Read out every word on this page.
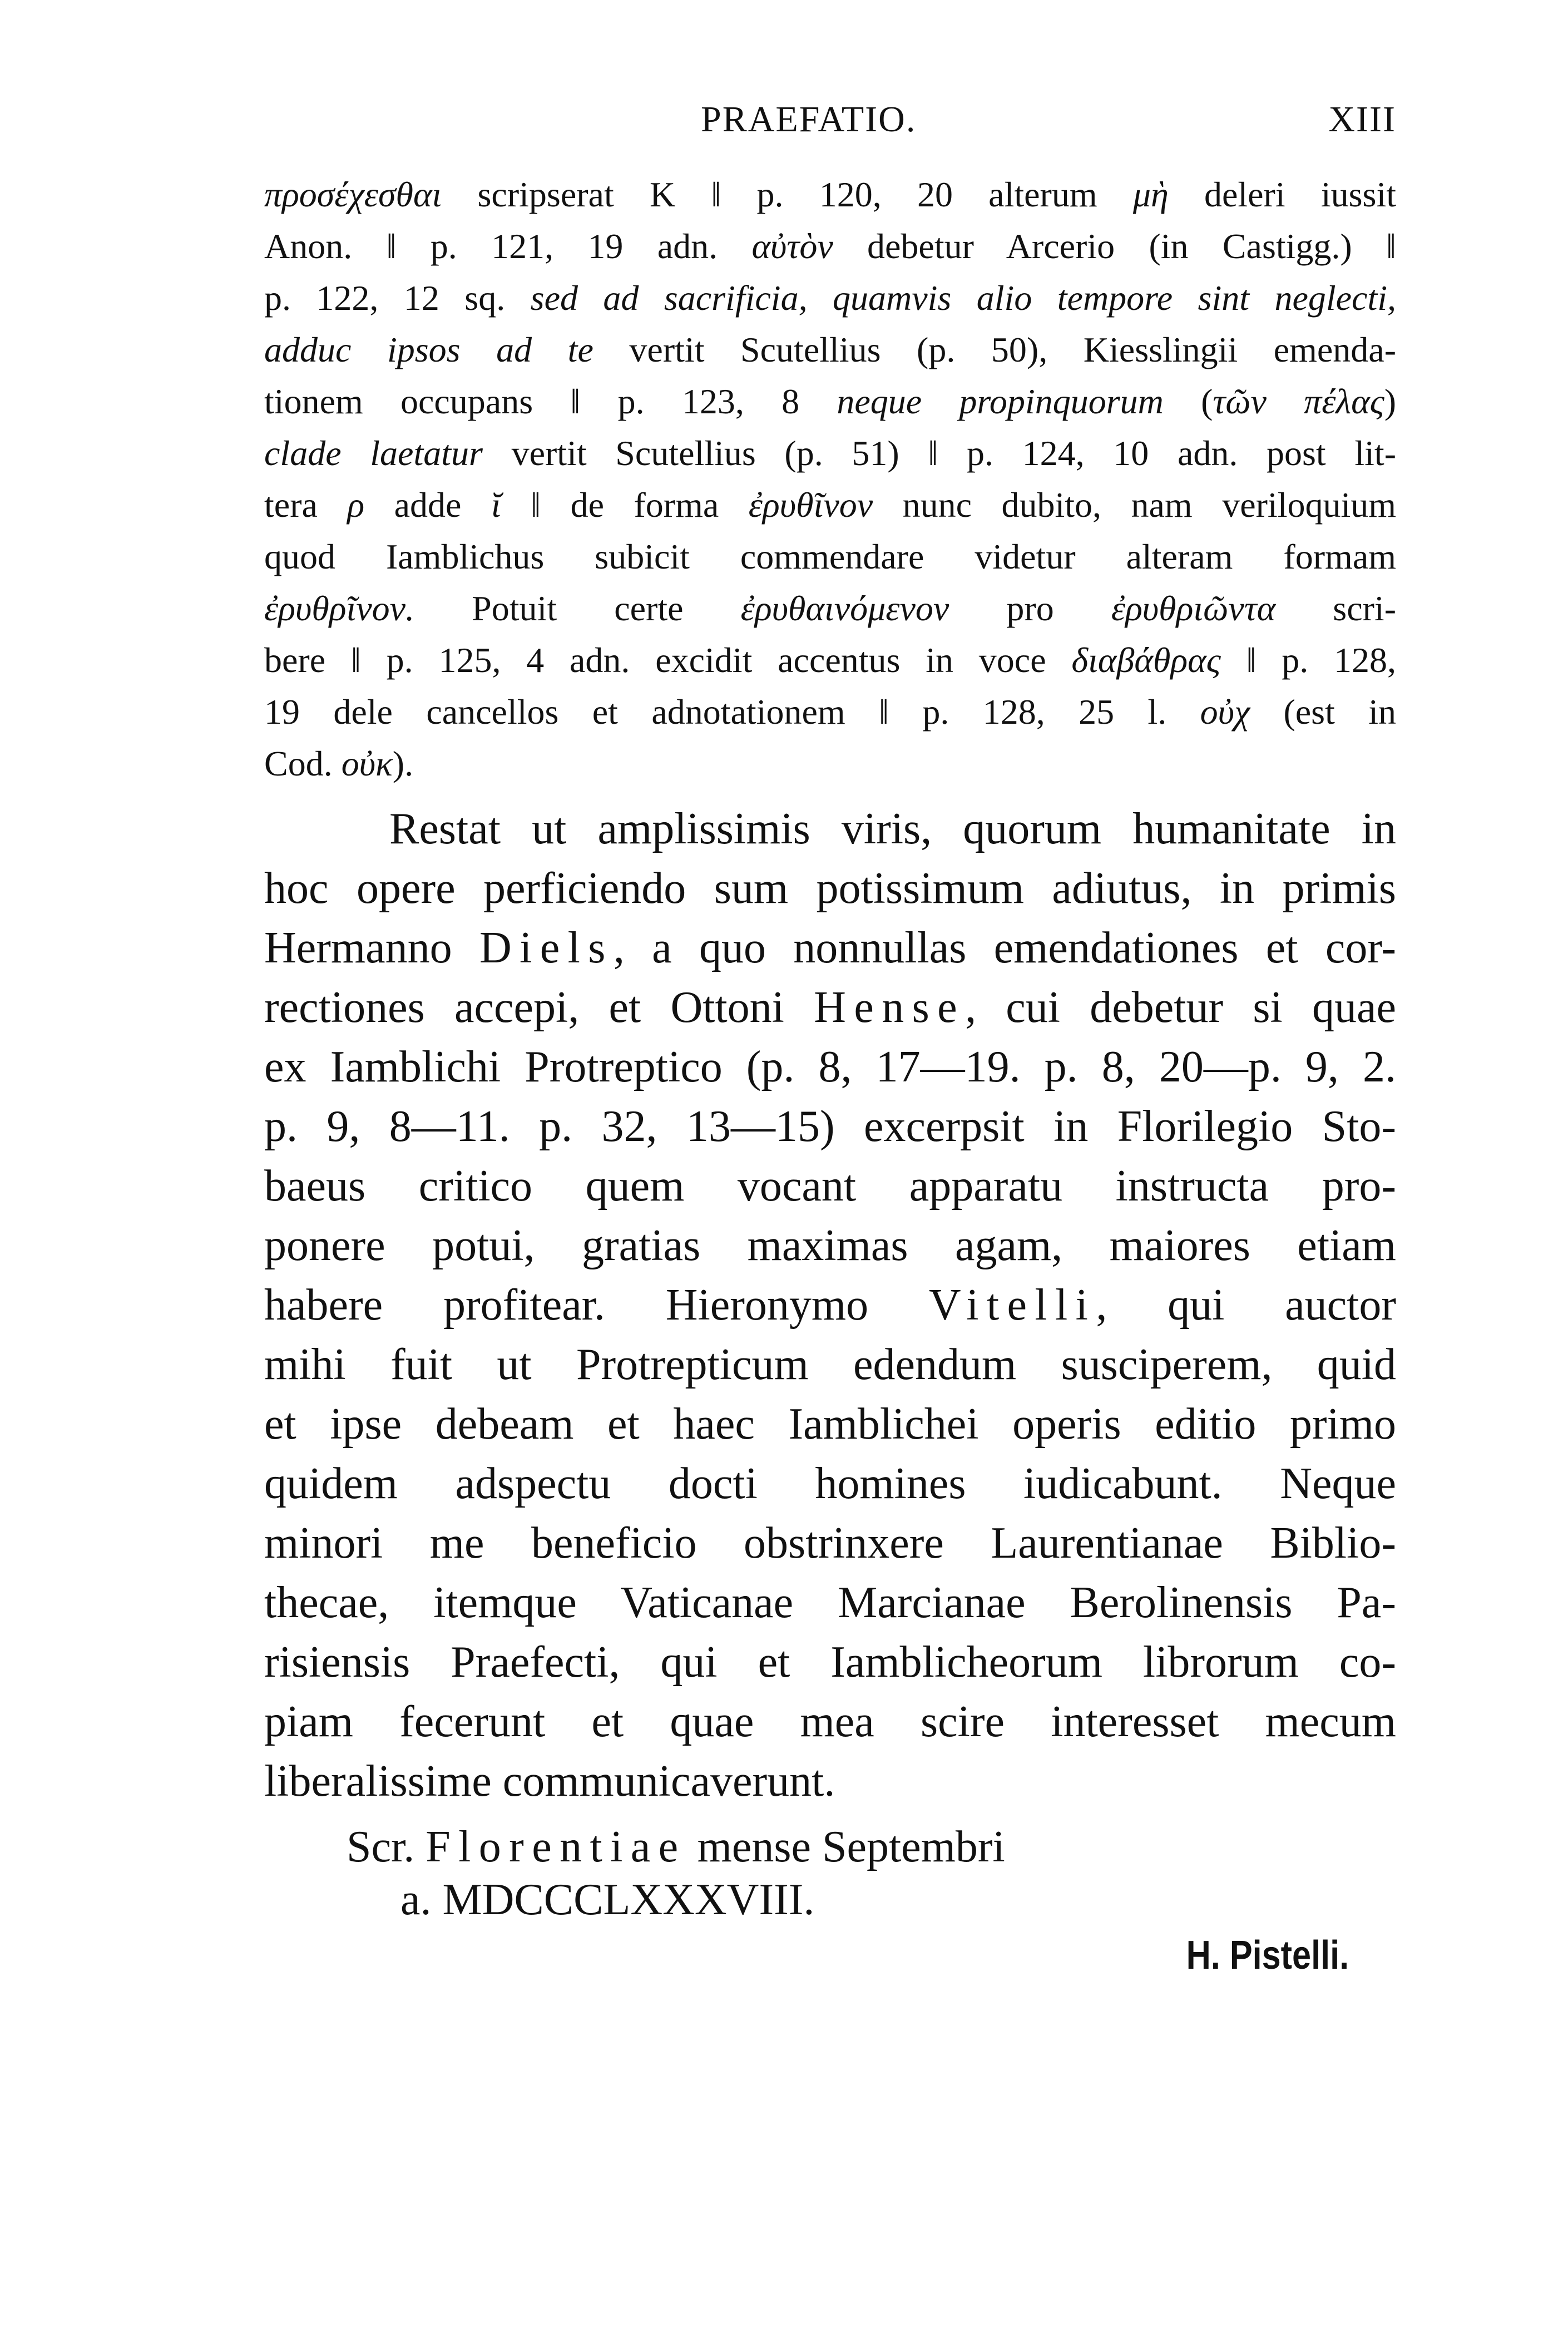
PRAEFATIO.	XIII
προσέχεσθαι scripserat K ‖ p. 120, 20 alterum μὴ deleri iussit
Anon. ‖ p. 121, 19 adn. αὐτὸν debetur Arcerio (in Castigg.) ‖
p. 122, 12 sq. sed ad sacrificia, quamvis alio tempore sint neglecti,
adduc ipsos ad te vertit Scutellius (p. 50), Kiesslingii emenda-
tionem occupans ‖ p. 123, 8 neque propinquorum (τῶν πέλας)
clade laetatur vertit Scutellius (p. 51) ‖ p. 124, 10 adn. post lit-
tera ρ adde ῐ ‖ de forma ἐρυθῖνον nunc dubito, nam veriloquium
quod Iamblichus subicit commendare videtur alteram formam
ἐρυθρῖνον. Potuit certe ἐρυθαινόμενον pro ἐρυθριῶντα scri-
bere ‖ p. 125, 4 adn. excidit accentus in voce διαβάθρας ‖ p. 128,
19 dele cancellos et adnotationem ‖ p. 128, 25 l. οὐχ (est in
Cod. οὐκ).
Restat ut amplissimis viris, quorum humanitate in
hoc opere perficiendo sum potissimum adiutus, in primis
Hermanno Diels, a quo nonnullas emendationes et cor-
rectiones accepi, et Ottoni Hense, cui debetur si quae
ex Iamblichi Protreptico (p. 8, 17—19. p. 8, 20—p. 9, 2.
p. 9, 8—11. p. 32, 13—15) excerpsit in Florilegio Sto-
baeus critico quem vocant apparatu instructa pro-
ponere potui, gratias maximas agam, maiores etiam
habere profitear. Hieronymo Vitelli, qui auctor
mihi fuit ut Protrepticum edendum susciperem, quid
et ipse debeam et haec Iamblichei operis editio primo
quidem adspectu docti homines iudicabunt. Neque
minori me beneficio obstrinxere Laurentianae Biblio-
thecae, itemque Vaticanae Marcianae Berolinensis Pa-
risiensis Praefecti, qui et Iamblicheorum librorum co-
piam fecerunt et quae mea scire interesset mecum
liberalissime communicaverunt.
Scr. Florentiae mense Septembri
a. MDCCCLXXXVIII.
H. Pistelli.
